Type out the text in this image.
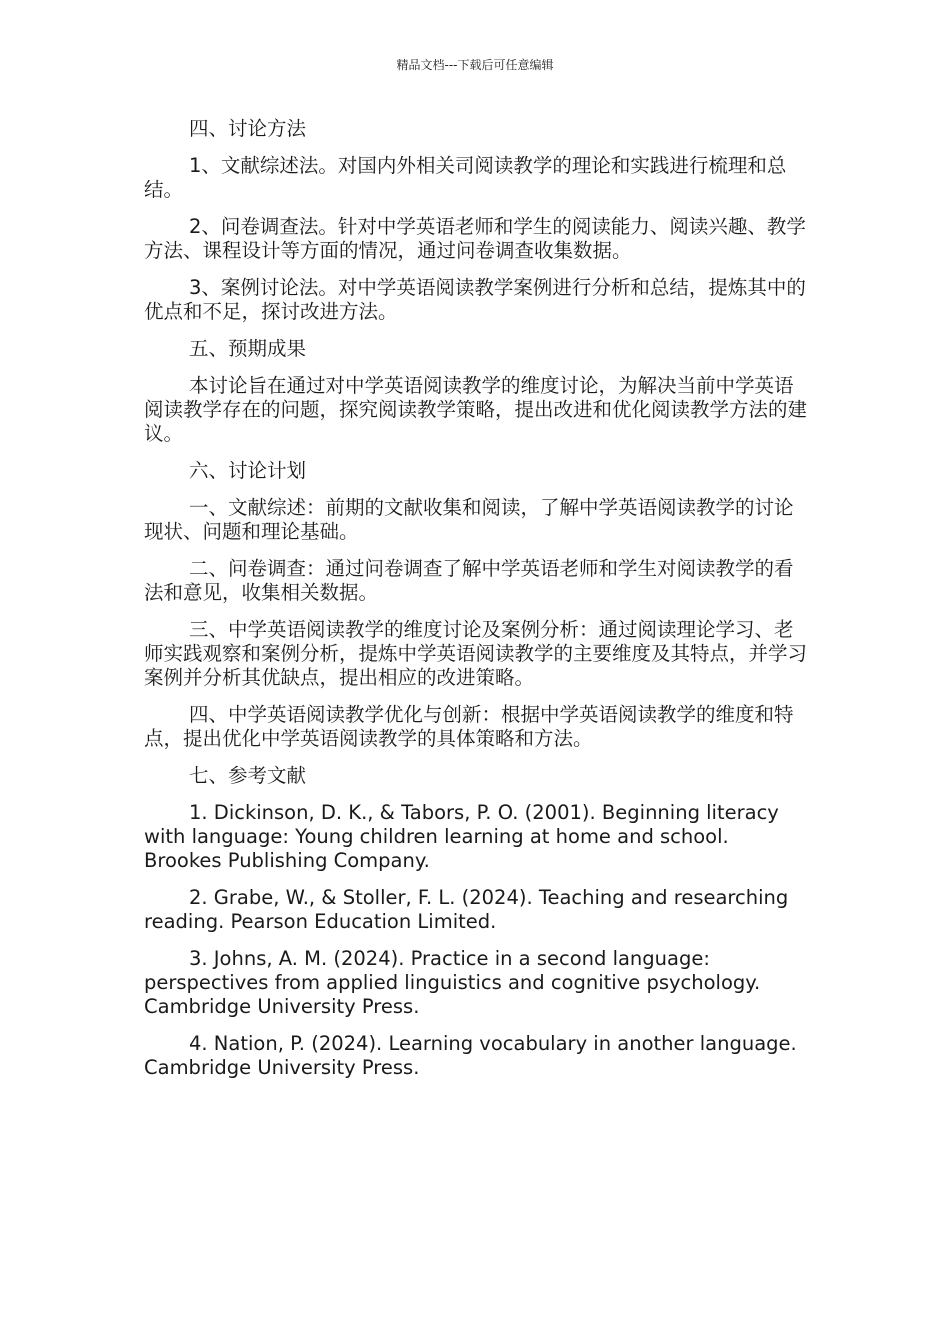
精品文档---下载后可任意编辑

四、讨论方法

1、文献综述法。对国内外相关司阅读教学的理论和实践进行梳理和总结。

2、问卷调查法。针对中学英语老师和学生的阅读能力、阅读兴趣、教学方法、课程设计等方面的情况，通过问卷调查收集数据。

3、案例讨论法。对中学英语阅读教学案例进行分析和总结，提炼其中的优点和不足，探讨改进方法。

五、预期成果

本讨论旨在通过对中学英语阅读教学的维度讨论，为解决当前中学英语阅读教学存在的问题，探究阅读教学策略，提出改进和优化阅读教学方法的建议。

六、讨论计划

一、文献综述：前期的文献收集和阅读，了解中学英语阅读教学的讨论现状、问题和理论基础。

二、问卷调查：通过问卷调查了解中学英语老师和学生对阅读教学的看法和意见，收集相关数据。

三、中学英语阅读教学的维度讨论及案例分析：通过阅读理论学习、老师实践观察和案例分析，提炼中学英语阅读教学的主要维度及其特点，并学习案例并分析其优缺点，提出相应的改进策略。

四、中学英语阅读教学优化与创新：根据中学英语阅读教学的维度和特点，提出优化中学英语阅读教学的具体策略和方法。

七、参考文献

1. Dickinson, D. K., & Tabors, P. O. (2001). Beginning literacy with language: Young children learning at home and school. Brookes Publishing Company.

2. Grabe, W., & Stoller, F. L. (2024). Teaching and researching reading. Pearson Education Limited.

3. Johns, A. M. (2024). Practice in a second language: perspectives from applied linguistics and cognitive psychology. Cambridge University Press.

4. Nation, P. (2024). Learning vocabulary in another language. Cambridge University Press.
